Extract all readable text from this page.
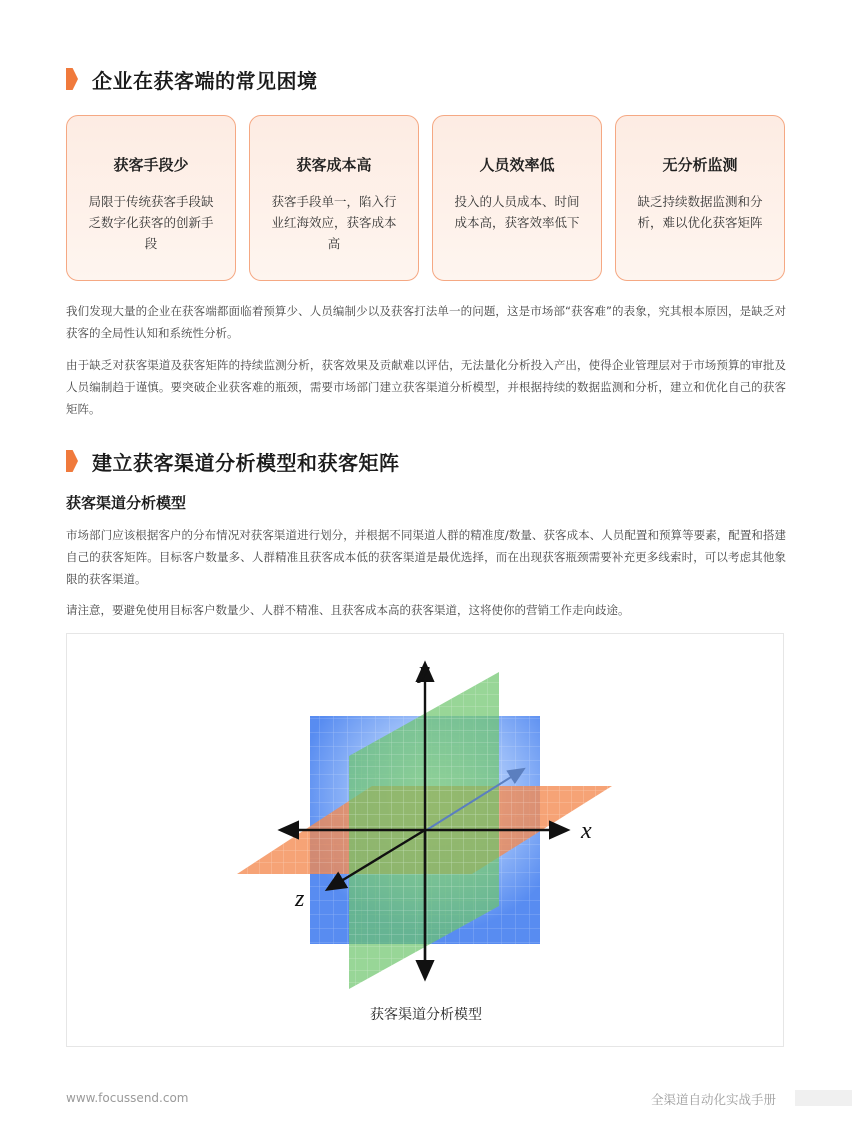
企业在获客端的常见困境
获客手段少
局限于传统获客手段缺乏数字化获客的创新手段
获客成本高
获客手段单一，陷入行业红海效应，获客成本高
人员效率低
投入的人员成本、时间成本高，获客效率低下
无分析监测
缺乏持续数据监测和分析，难以优化获客矩阵
我们发现大量的企业在获客端都面临着预算少、人员编制少以及获客打法单一的问题，这是市场部“获客难”的表象，究其根本原因，是缺乏对获客的全局性认知和系统性分析。
由于缺乏对获客渠道及获客矩阵的持续监测分析，获客效果及贡献难以评估，无法量化分析投入产出，使得企业管理层对于市场预算的审批及人员编制趋于谨慎。要突破企业获客难的瓶颈，需要市场部门建立获客渠道分析模型，并根据持续的数据监测和分析，建立和优化自己的获客矩阵。
建立获客渠道分析模型和获客矩阵
获客渠道分析模型
市场部门应该根据客户的分布情况对获客渠道进行划分，并根据不同渠道人群的精准度/数量、获客成本、人员配置和预算等要素，配置和搭建自己的获客矩阵。目标客户数量多、人群精准且获客成本低的获客渠道是最优选择，而在出现获客瓶颈需要补充更多线索时，可以考虑其他象限的获客渠道。
请注意，要避免使用目标客户数量少、人群不精准、且获客成本高的获客渠道，这将使你的营销工作走向歧途。
y
x
z
获客渠道分析模型
www.focussend.com	全渠道自动化实战手册
